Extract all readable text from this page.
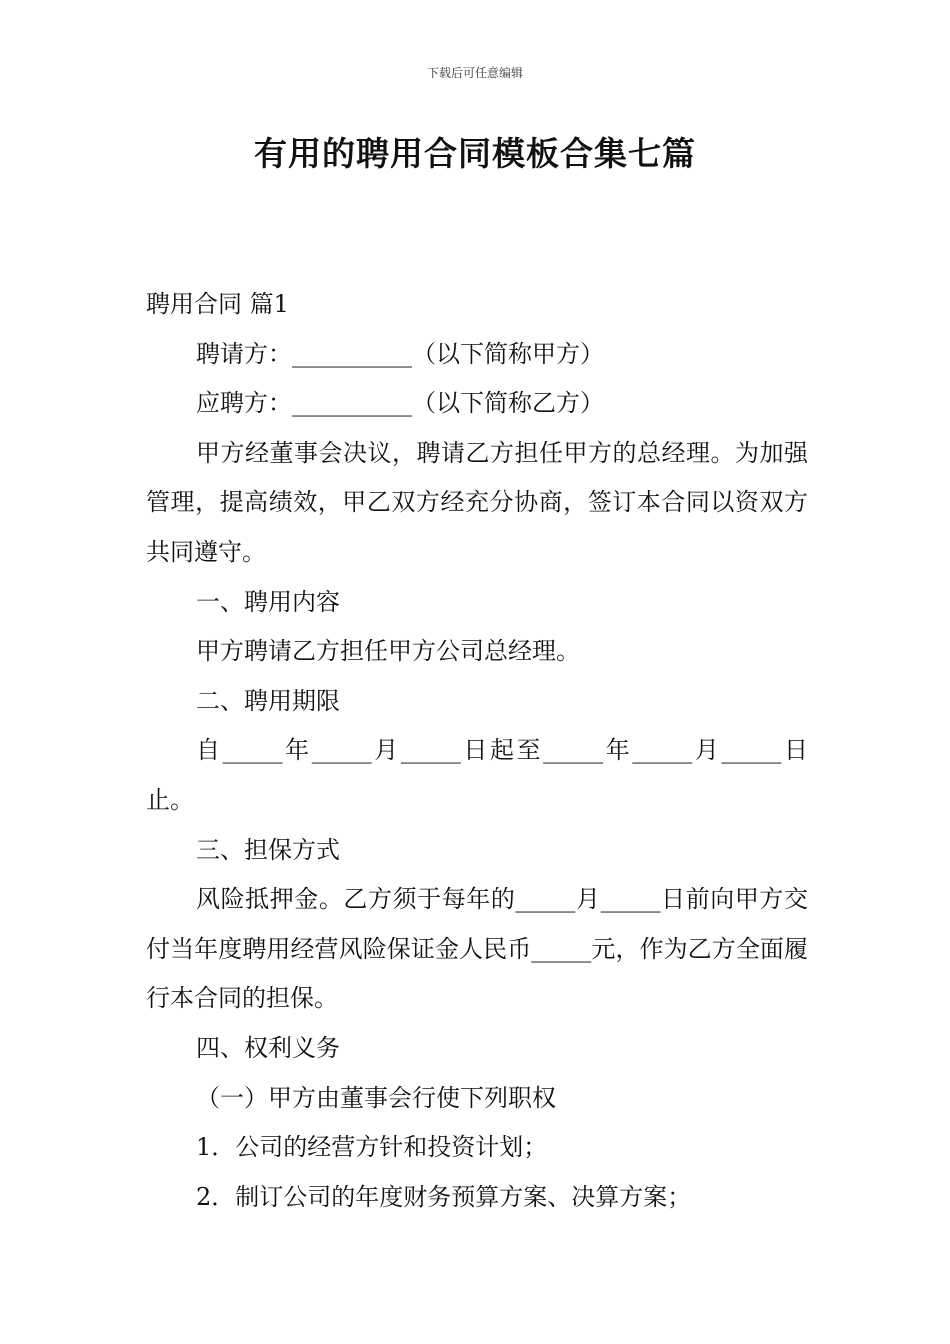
下载后可任意编辑
有用的聘用合同模板合集七篇

聘用合同 篇1

聘请方：__________（以下简称甲方）

应聘方：__________（以下简称乙方）

甲方经董事会决议，聘请乙方担任甲方的总经理。为加强管理，提高绩效，甲乙双方经充分协商，签订本合同以资双方共同遵守。

一、聘用内容

甲方聘请乙方担任甲方公司总经理。

二、聘用期限

自_____年_____月_____日起至_____年_____月_____日止。

三、担保方式

风险抵押金。乙方须于每年的_____月_____日前向甲方交付当年度聘用经营风险保证金人民币_____元，作为乙方全面履行本合同的担保。

四、权利义务

（一）甲方由董事会行使下列职权

1．公司的经营方针和投资计划；

2．制订公司的年度财务预算方案、决算方案；
